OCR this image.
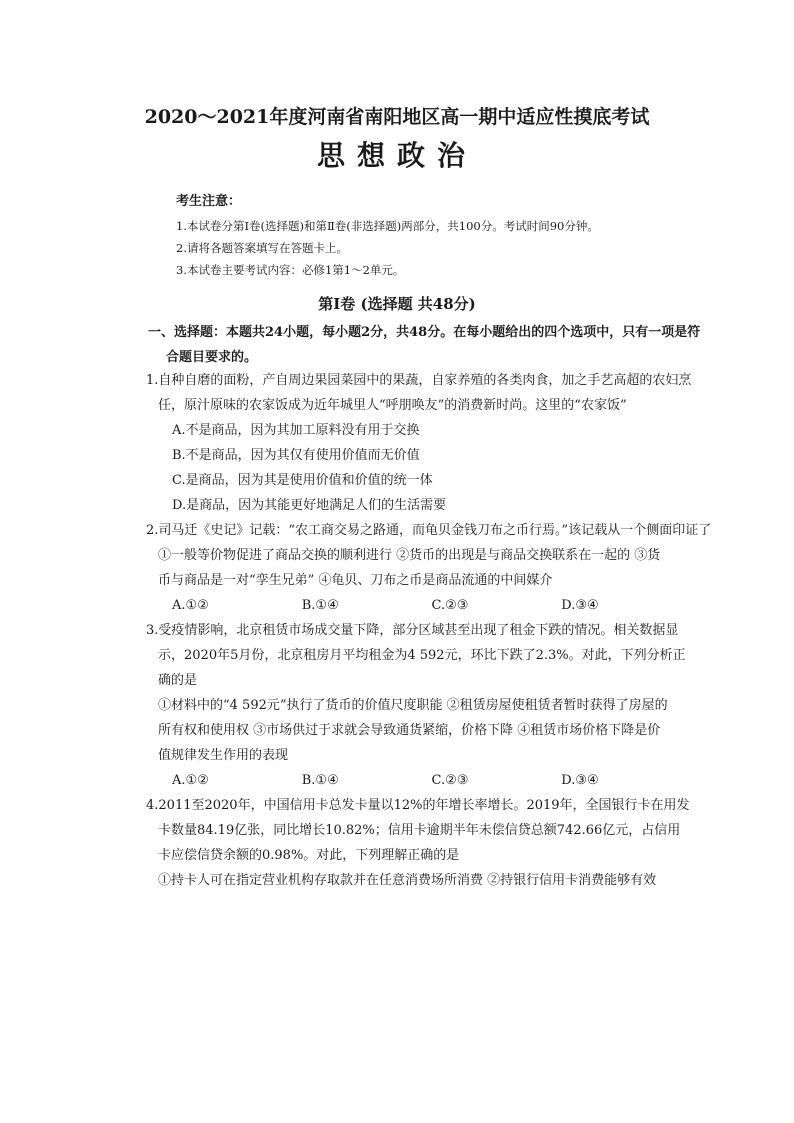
2020～2021年度河南省南阳地区高一期中适应性摸底考试
思想政治
考生注意：
1.本试卷分第Ⅰ卷(选择题)和第Ⅱ卷(非选择题)两部分，共100分。考试时间90分钟。
2.请将各题答案填写在答题卡上。
3.本试卷主要考试内容：必修1第1～2单元。
第Ⅰ卷 (选择题 共48分)
一、选择题：本题共24小题，每小题2分，共48分。在每小题给出的四个选项中，只有一项是符
合题目要求的。
1.自种自磨的面粉，产自周边果园菜园中的果蔬，自家养殖的各类肉食，加之手艺高超的农妇烹
任，原汁原味的农家饭成为近年城里人“呼朋唤友”的消费新时尚。这里的“农家饭”
A.不是商品，因为其加工原料没有用于交换
B.不是商品，因为其仅有使用价值而无价值
C.是商品，因为其是使用价值和价值的统一体
D.是商品，因为其能更好地满足人们的生活需要
2.司马迁《史记》记载：“农工商交易之路通，而龟贝金钱刀布之币行焉。”该记载从一个侧面印证了
①一般等价物促进了商品交换的顺利进行 ②货币的出现是与商品交换联系在一起的 ③货
币与商品是一对“孪生兄弟” ④龟贝、刀布之币是商品流通的中间媒介
A.①②	B.①④	C.②③	D.③④
3.受疫情影响，北京租赁市场成交量下降，部分区域甚至出现了租金下跌的情况。相关数据显
示，2020年5月份，北京租房月平均租金为4 592元，环比下跌了2.3%。对此，下列分析正
确的是
①材料中的“4 592元”执行了货币的价值尺度职能 ②租赁房屋使租赁者暂时获得了房屋的
所有权和使用权 ③市场供过于求就会导致通货紧缩，价格下降 ④租赁市场价格下降是价
值规律发生作用的表现
A.①②	B.①④	C.②③	D.③④
4.2011至2020年，中国信用卡总发卡量以12%的年增长率增长。2019年，全国银行卡在用发
卡数量84.19亿张，同比增长10.82%；信用卡逾期半年未偿信贷总额742.66亿元，占信用
卡应偿信贷余额的0.98%。对此，下列理解正确的是
①持卡人可在指定营业机构存取款并在任意消费场所消费 ②持银行信用卡消费能够有效
